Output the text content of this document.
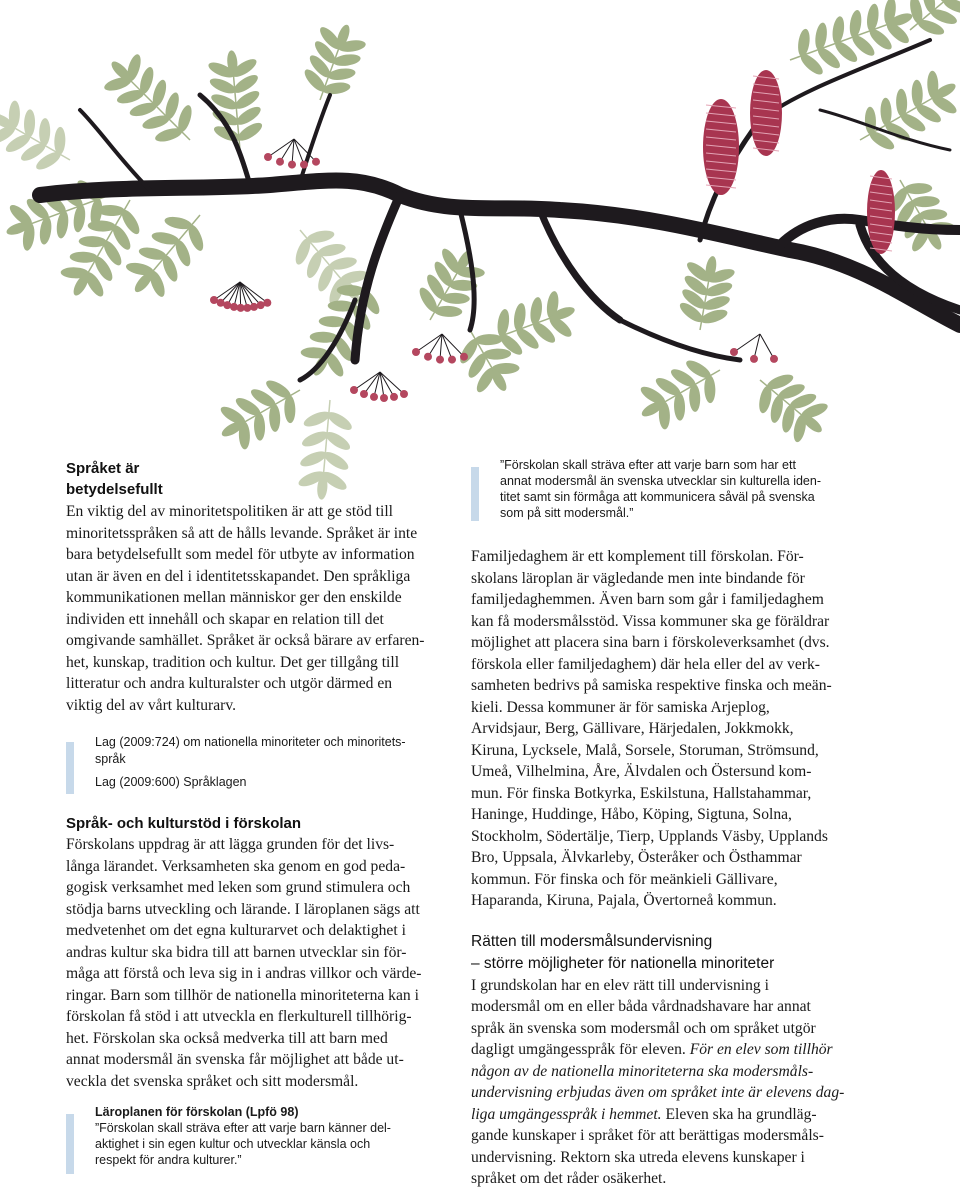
Språket är
betydelsefullt
En viktig del av minoritetspolitiken är att ge stöd till
minoritetsspråken så att de hålls levande. Språket är inte
bara betydelsefullt som medel för utbyte av information
utan är även en del i identitetsskapandet. Den språkliga
kommunikationen mellan människor ger den enskilde
individen ett innehåll och skapar en relation till det
omgivande samhället. Språket är också bärare av erfaren-
het, kunskap, tradition och kultur. Det ger tillgång till
litteratur och andra kulturalster och utgör därmed en
viktig del av vårt kulturarv.
Lag (2009:724) om nationella minoriteter och minoritets-
språk
Lag (2009:600) Språklagen
Språk- och kulturstöd i förskolan
Förskolans uppdrag är att lägga grunden för det livs-
långa lärandet. Verksamheten ska genom en god peda-
gogisk verksamhet med leken som grund stimulera och
stödja barns utveckling och lärande. I läroplanen sägs att
medvetenhet om det egna kulturarvet och delaktighet i
andras kultur ska bidra till att barnen utvecklar sin för-
måga att förstå och leva sig in i andras villkor och värde-
ringar. Barn som tillhör de nationella minoriteterna kan i
förskolan få stöd i att utveckla en flerkulturell tillhörig-
het. Förskolan ska också medverka till att barn med
annat modersmål än svenska får möjlighet att både ut-
veckla det svenska språket och sitt modersmål.
Läroplanen för förskolan (Lpfö 98)
”Förskolan skall sträva efter att varje barn känner del-
aktighet i sin egen kultur och utvecklar känsla och
respekt för andra kulturer.”
”Förskolan skall sträva efter att varje barn som har ett
annat modersmål än svenska utvecklar sin kulturella iden-
titet samt sin förmåga att kommunicera såväl på svenska
som på sitt modersmål.”
Familjedaghem är ett komplement till förskolan. För-
skolans läroplan är vägledande men inte bindande för
familjedaghemmen. Även barn som går i familjedaghem
kan få modersmålsstöd. Vissa kommuner ska ge föräldrar
möjlighet att placera sina barn i förskoleverksamhet (dvs.
förskola eller familjedaghem) där hela eller del av verk-
samheten bedrivs på samiska respektive finska och meän-
kieli. Dessa kommuner är för samiska Arjeplog,
Arvidsjaur, Berg, Gällivare, Härjedalen, Jokkmokk,
Kiruna, Lycksele, Malå, Sorsele, Storuman, Strömsund,
Umeå, Vilhelmina, Åre, Älvdalen och Östersund kom-
mun. För finska Botkyrka, Eskilstuna, Hallstahammar,
Haninge, Huddinge, Håbo, Köping, Sigtuna, Solna,
Stockholm, Södertälje, Tierp, Upplands Väsby, Upplands
Bro, Uppsala, Älvkarleby, Österåker och Östhammar
kommun. För finska och för meänkieli Gällivare,
Haparanda, Kiruna, Pajala, Övertorneå kommun.
Rätten till modersmålsundervisning
– större möjligheter för nationella minoriteter
I grundskolan har en elev rätt till undervisning i
modersmål om en eller båda vårdnadshavare har annat
språk än svenska som modersmål och om språket utgör
dagligt umgängesspråk för eleven. För en elev som tillhör
någon av de nationella minoriteterna ska modersmåls-
undervisning erbjudas även om språket inte är elevens dag-
liga umgängesspråk i hemmet. Eleven ska ha grundläg-
gande kunskaper i språket för att berättigas modersmåls-
undervisning. Rektorn ska utreda elevens kunskaper i
språket om det råder osäkerhet.
